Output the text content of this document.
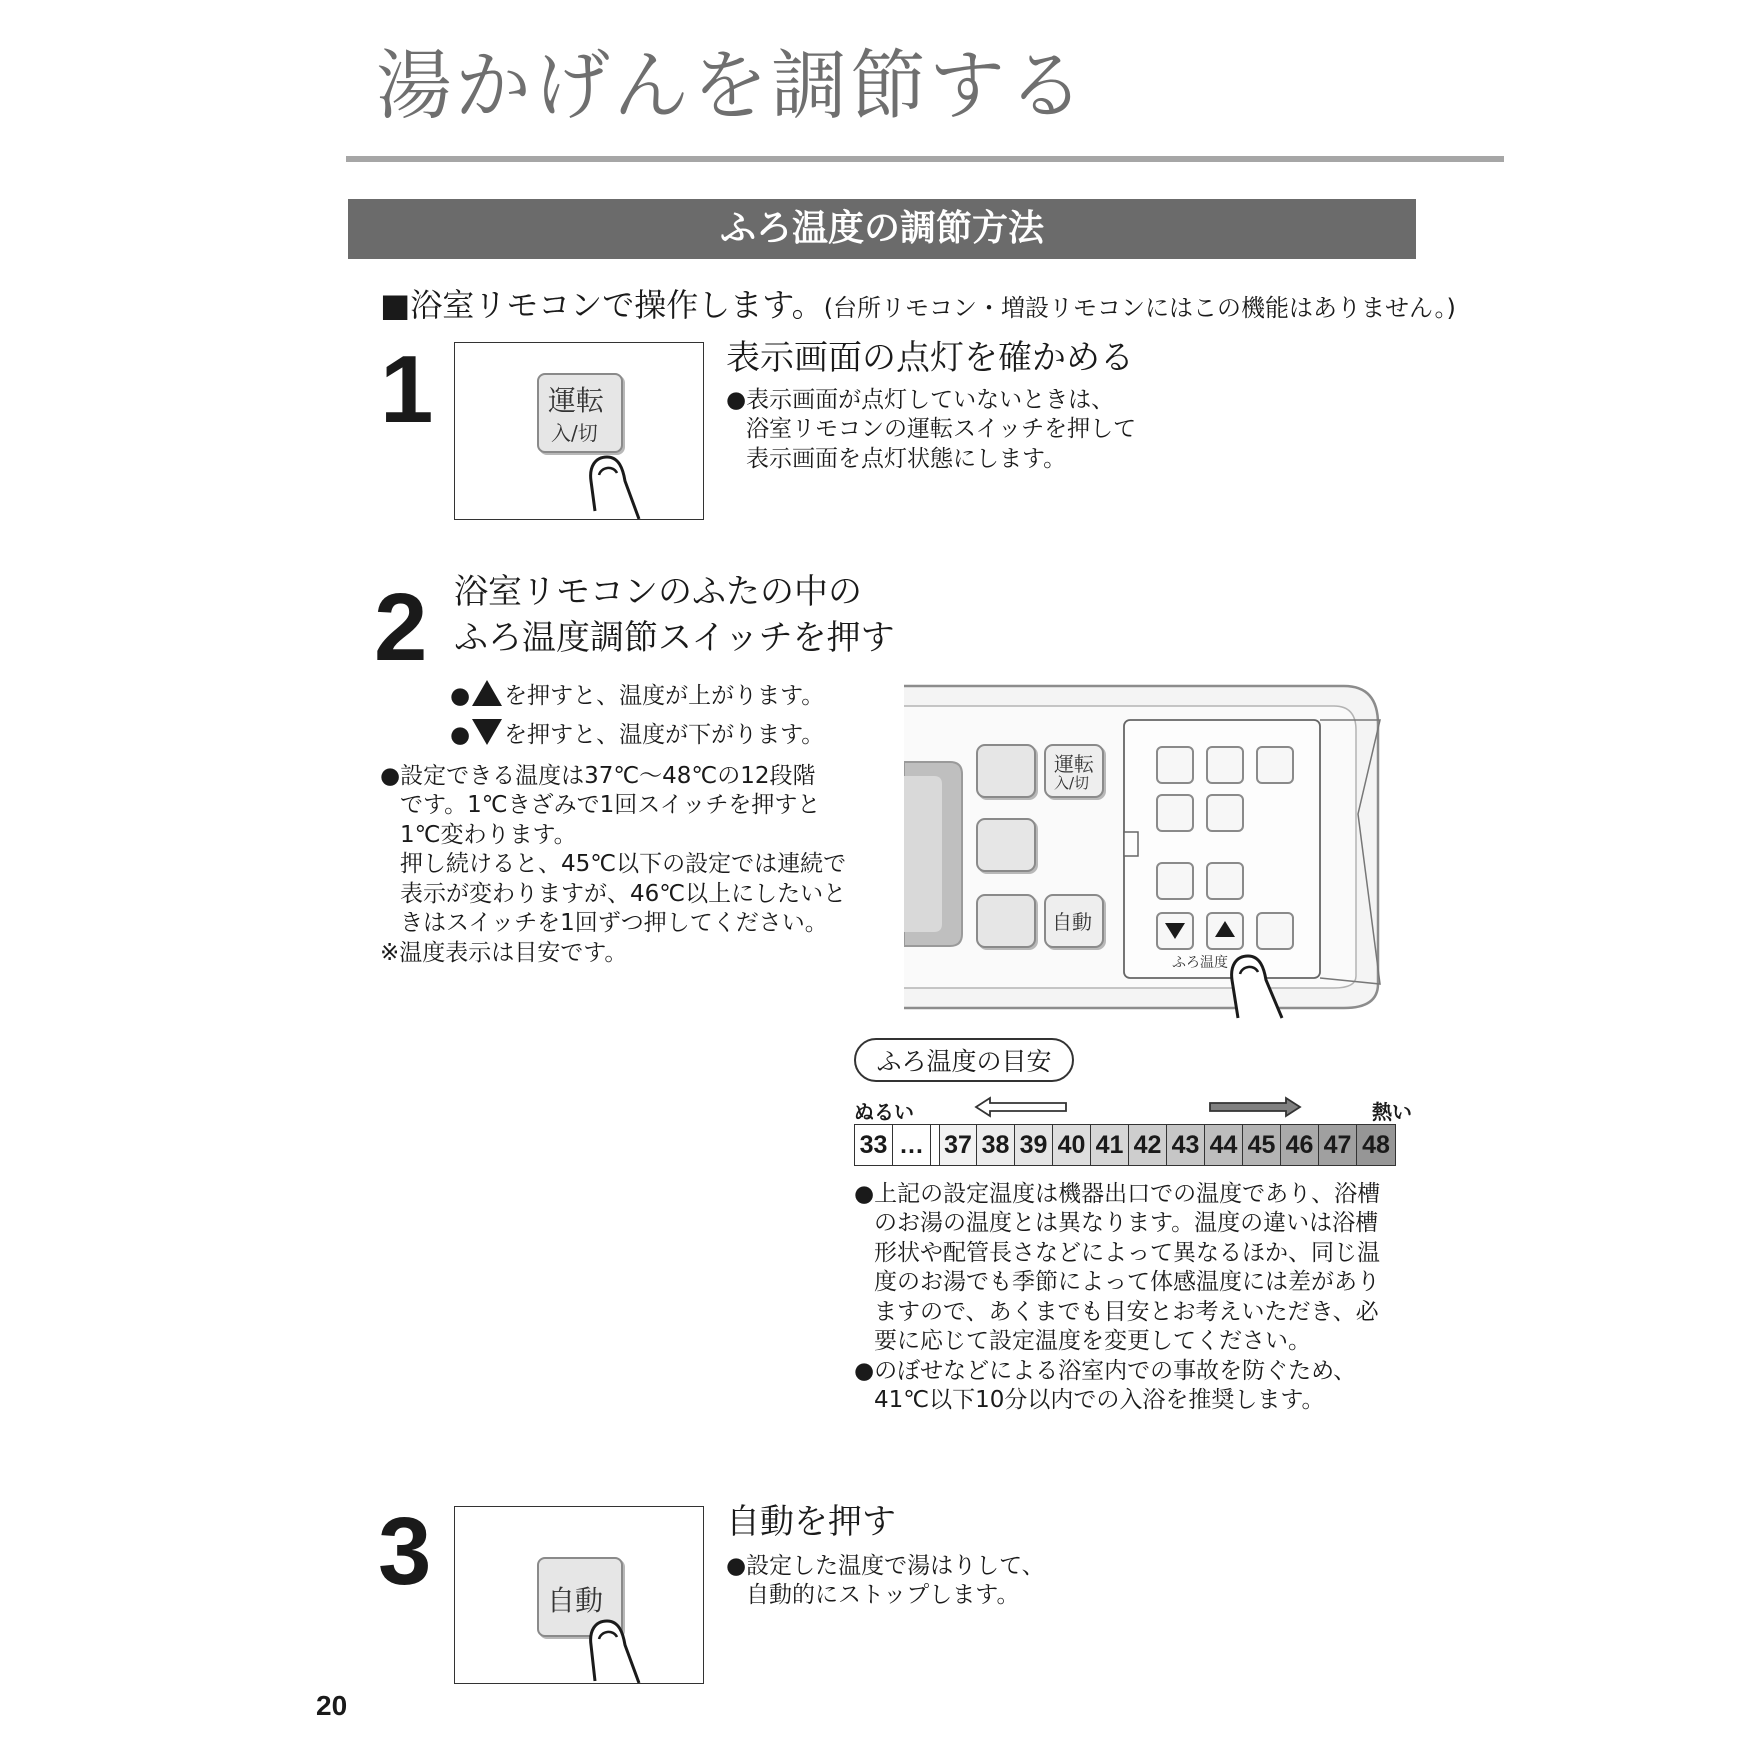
湯かげんを調節する
ふろ温度の調節方法
■浴室リモコンで操作します。(台所リモコン・増設リモコンにはこの機能はありません。)
1	運転
入/切
表示画面の点灯を確かめる
●表示画面が点灯していないときは、
浴室リモコンの運転スイッチを押して
表示画面を点灯状態にします。
2 浴室リモコンのふたの中の
ふろ温度調節スイッチを押す
● を押すと、温度が上がります。
● を押すと、温度が下がります。
●設定できる温度は37℃～48℃の12段階
です。1℃きざみで1回スイッチを押すと
1℃変わります。
押し続けると、45℃以下の設定では連続で
表示が変わりますが、46℃以上にしたいと
きはスイッチを1回ずつ押してください。
※温度表示は目安です。
運転
入/切
自動
ふろ温度
ふろ温度の目安
ぬるい	熱い
33 … 37 38 39 40 41 42 43 44 45 46 47 48
●上記の設定温度は機器出口での温度であり、浴槽
のお湯の温度とは異なります。温度の違いは浴槽
形状や配管長さなどによって異なるほか、同じ温
度のお湯でも季節によって体感温度には差があり
ますので、あくまでも目安とお考えいただき、必
要に応じて設定温度を変更してください。
●のぼせなどによる浴室内での事故を防ぐため、
41℃以下10分以内での入浴を推奨します。
3	自動
自動を押す
●設定した温度で湯はりして、
自動的にストップします。
20
